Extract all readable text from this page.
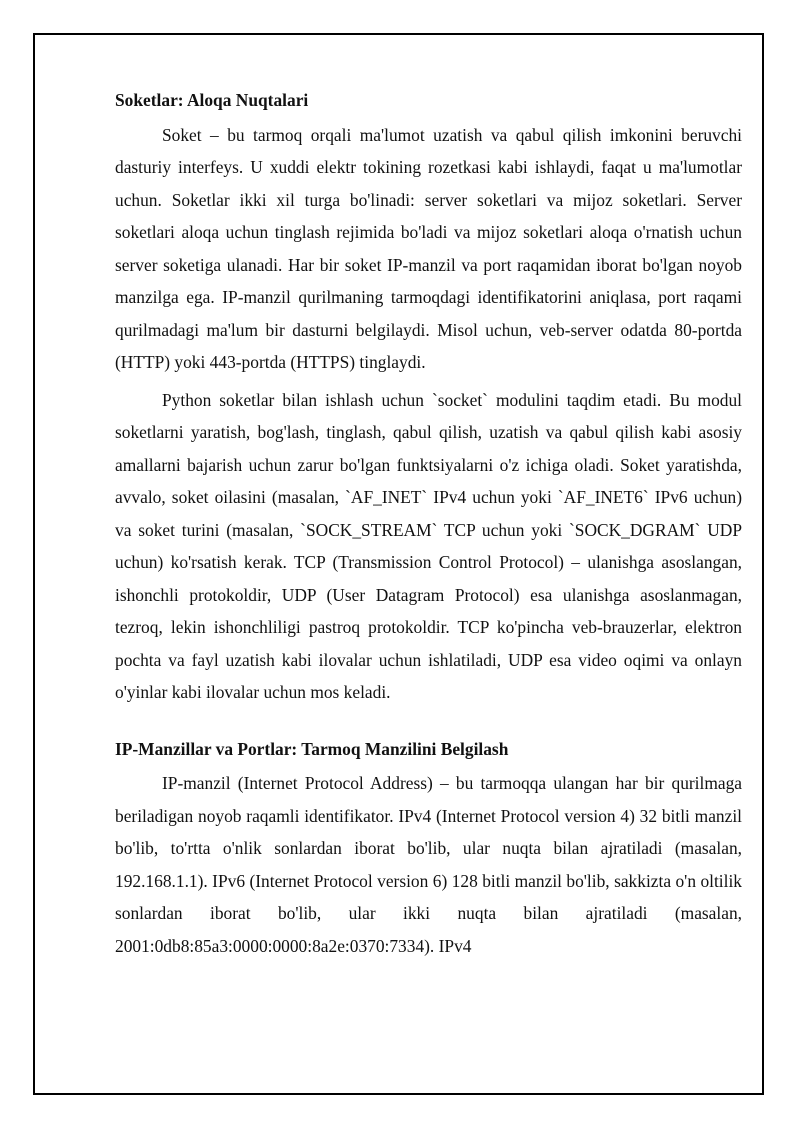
Soketlar: Aloqa Nuqtalari

Soket – bu tarmoq orqali ma'lumot uzatish va qabul qilish imkonini beruvchi dasturiy interfeys. U xuddi elektr tokining rozetkasi kabi ishlaydi, faqat u ma'lumotlar uchun. Soketlar ikki xil turga bo'linadi: server soketlari va mijoz soketlari. Server soketlari aloqa uchun tinglash rejimida bo'ladi va mijoz soketlari aloqa o'rnatish uchun server soketiga ulanadi. Har bir soket IP-manzil va port raqamidan iborat bo'lgan noyob manzilga ega. IP-manzil qurilmaning tarmoqdagi identifikatorini aniqlasa, port raqami qurilmadagi ma'lum bir dasturni belgilaydi. Misol uchun, veb-server odatda 80-portda (HTTP) yoki 443-portda (HTTPS) tinglaydi.

Python soketlar bilan ishlash uchun `socket` modulini taqdim etadi. Bu modul soketlarni yaratish, bog'lash, tinglash, qabul qilish, uzatish va qabul qilish kabi asosiy amallarni bajarish uchun zarur bo'lgan funktsiyalarni o'z ichiga oladi. Soket yaratishda, avvalo, soket oilasini (masalan, `AF_INET` IPv4 uchun yoki `AF_INET6` IPv6 uchun) va soket turini (masalan, `SOCK_STREAM` TCP uchun yoki `SOCK_DGRAM` UDP uchun) ko'rsatish kerak. TCP (Transmission Control Protocol) – ulanishga asoslangan, ishonchli protokoldir, UDP (User Datagram Protocol) esa ulanishga asoslanmagan, tezroq, lekin ishonchliligi pastroq protokoldir. TCP ko'pincha veb-brauzerlar, elektron pochta va fayl uzatish kabi ilovalar uchun ishlatiladi, UDP esa video oqimi va onlayn o'yinlar kabi ilovalar uchun mos keladi.

IP-Manzillar va Portlar: Tarmoq Manzilini Belgilash

IP-manzil (Internet Protocol Address) – bu tarmoqqa ulangan har bir qurilmaga beriladigan noyob raqamli identifikator. IPv4 (Internet Protocol version 4) 32 bitli manzil bo'lib, to'rtta o'nlik sonlardan iborat bo'lib, ular nuqta bilan ajratiladi (masalan, 192.168.1.1). IPv6 (Internet Protocol version 6) 128 bitli manzil bo'lib, sakkizta o'n oltilik sonlardan iborat bo'lib, ular ikki nuqta bilan ajratiladi (masalan, 2001:0db8:85a3:0000:0000:8a2e:0370:7334). IPv4
